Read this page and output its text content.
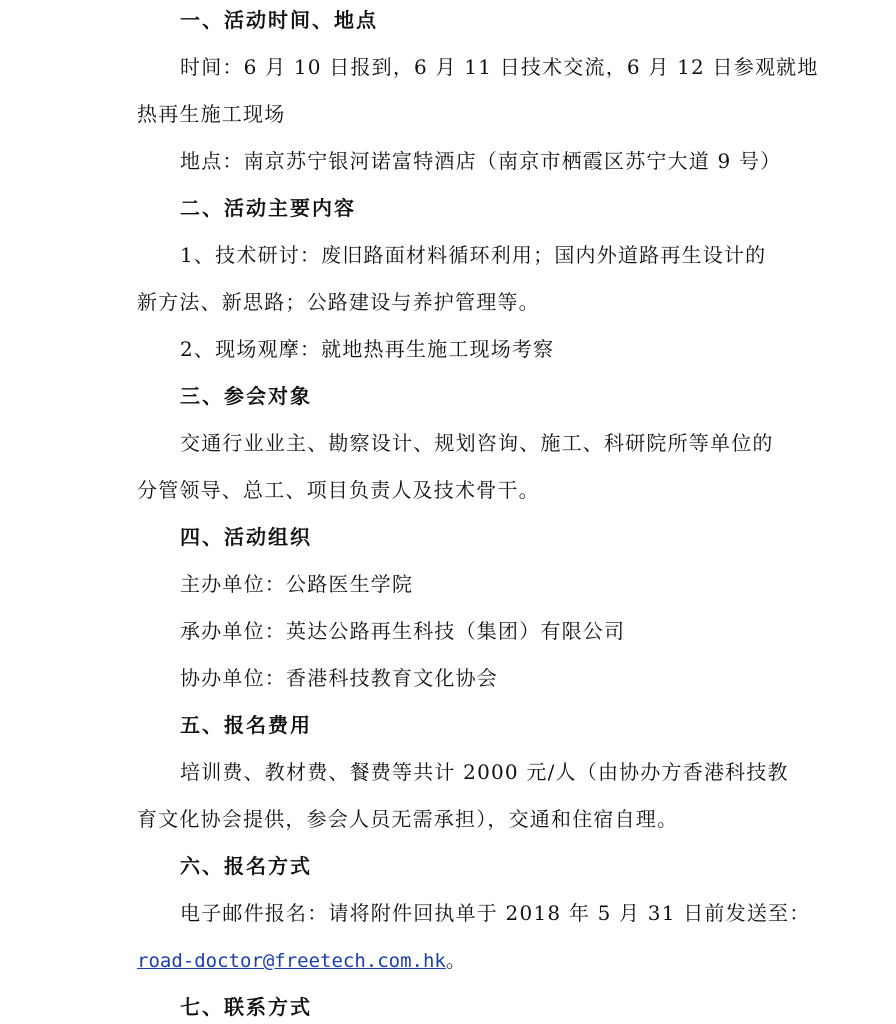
一、活动时间、地点
时间：6 月 10 日报到，6 月 11 日技术交流，6 月 12 日参观就地
热再生施工现场
地点：南京苏宁银河诺富特酒店（南京市栖霞区苏宁大道 9 号）
二、活动主要内容
1、技术研讨：废旧路面材料循环利用；国内外道路再生设计的
新方法、新思路；公路建设与养护管理等。
2、现场观摩：就地热再生施工现场考察
三、参会对象
交通行业业主、勘察设计、规划咨询、施工、科研院所等单位的
分管领导、总工、项目负责人及技术骨干。
四、活动组织
主办单位：公路医生学院
承办单位：英达公路再生科技（集团）有限公司
协办单位：香港科技教育文化协会
五、报名费用
培训费、教材费、餐费等共计 2000 元/人（由协办方香港科技教
育文化协会提供，参会人员无需承担），交通和住宿自理。
六、报名方式
电子邮件报名：请将附件回执单于 2018 年 5 月 31 日前发送至：
road-doctor@freetech.com.hk。
七、联系方式
